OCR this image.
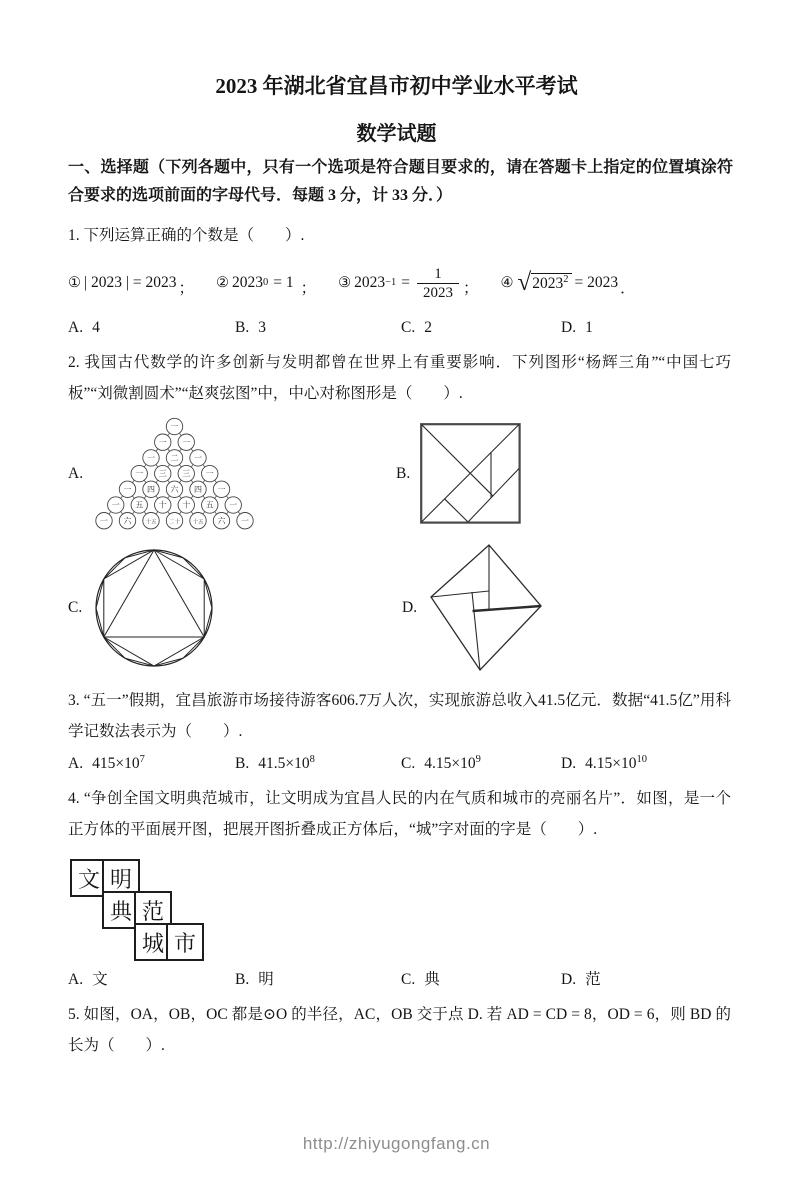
2023 年湖北省宜昌市初中学业水平考试
数学试题

一、选择题（下列各题中，只有一个选项是符合题目要求的，请在答题卡上指定的位置填涂符合要求的选项前面的字母代号．每题 3 分，计 33 分．）

1. 下列运算正确的个数是（　　）.

① | 2023 | = 2023 ； ② 2023 0 = 1 ； ③ $2023 -1 = \frac{1}{2023}$ ； ④ √ $2023^2 = 2023$ ．
A. 4	B. 3	C. 2	D. 1

2. 我国古代数学的许多创新与发明都曾在世界上有重要影响．下列图形“杨辉三角”“中国七巧板”“刘微割圆术”“赵爽弦图”中，中心对称图形是（　　）.

A.
一
一 一
一 二 一
一 三 三 一
一 四 六 四 一
一 五 十 十 五 一
一 六 十五 二十 十五 六 一
B.
C.	D.

3. “五一”假期，宜昌旅游市场接待游客606.7万人次，实现旅游总收入41.5亿元．数据“41.5亿”用科学记数法表示为（　　）.

A. $415\times 10^7$	B. $41.5\times 10^8$	C. $4.15\times 10^9$	D. $4.15\times 10^{10}$

4. “争创全国文明典范城市，让文明成为宜昌人民的内在气质和城市的亮丽名片”．如图，是一个正方体的平面展开图，把展开图折叠成正方体后，“城”字对面的字是（　　）.

文 明
典 范
城 市
A. 文	B. 明	C. 典	D. 范

5. 如图，OA，OB，OC 都是⊙O 的半径，AC，OB 交于点 D. 若 AD = CD = 8，OD = 6，则 BD 的长为（　　）.

http://zhiyugongfang.cn
